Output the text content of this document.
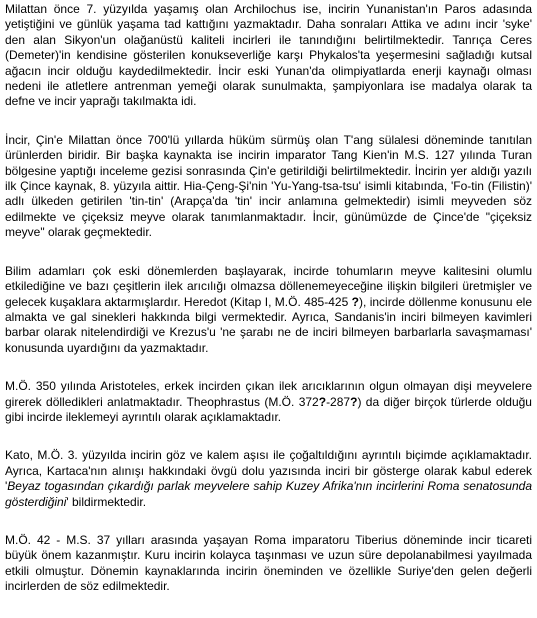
Milattan önce 7. yüzyılda yaşamış olan Archilochus ise, incirin Yunanistan'ın Paros adasında yetiştiğini ve günlük yaşama tad kattığını yazmaktadır. Daha sonraları Attika ve adını incir 'syke' den alan Sikyon'un olağanüstü kaliteli incirleri ile tanındığını belirtilmektedir. Tanrıça Ceres (Demeter)'in kendisine gösterilen konukseverliğe karşı Phykalos'ta yeşermesini sağladığı kutsal ağacın incir olduğu kaydedilmektedir. İncir eski Yunan'da olimpiyatlarda enerji kaynağı olması nedeni ile atletlere antrenman yemeği olarak sunulmakta, şampiyonlara ise madalya olarak ta defne ve incir yaprağı takılmakta idi.

İncir, Çin'e Milattan önce 700'lü yıllarda hüküm sürmüş olan T'ang sülalesi döneminde tanıtılan ürünlerden biridir. Bir başka kaynakta ise incirin imparator Tang Kien'in M.S. 127 yılında Turan bölgesine yaptığı inceleme gezisi sonrasında Çin'e getirildiği belirtilmektedir. İncirin yer aldığı yazılı ilk Çince kaynak, 8. yüzyıla aittir. Hia-Çeng-Şi'nin 'Yu-Yang-tsa-tsu' isimli kitabında, 'Fo-tin (Filistin)' adlı ülkeden getirilen 'tin-tin' (Arapça'da 'tin' incir anlamına gelmektedir) isimli meyveden söz edilmekte ve çiçeksiz meyve olarak tanımlanmaktadır. İncir, günümüzde de Çince'de "çiçeksiz meyve" olarak geçmektedir.

Bilim adamları çok eski dönemlerden başlayarak, incirde tohumların meyve kalitesini olumlu etkilediğine ve bazı çeşitlerin ilek arıcılığı olmazsa döllenemeyeceğine ilişkin bilgileri üretmişler ve gelecek kuşaklara aktarmışlardır. Heredot (Kitap I, M.Ö. 485-425 ?), incirde döllenme konusunu ele almakta ve gal sinekleri hakkında bilgi vermektedir. Ayrıca, Sandanis'in inciri bilmeyen kavimleri barbar olarak nitelendirdiği ve Krezus'u 'ne şarabı ne de inciri bilmeyen barbarlarla savaşmaması' konusunda uyardığını da yazmaktadır.

M.Ö. 350 yılında Aristoteles, erkek incirden çıkan ilek arıcıklarının olgun olmayan dişi meyvelere girerek dölledikleri anlatmaktadır. Theophrastus (M.Ö. 372?-287?) da diğer birçok türlerde olduğu gibi incirde ileklemeyi ayrıntılı olarak açıklamaktadır.

Kato, M.Ö. 3. yüzyılda incirin göz ve kalem aşısı ile çoğaltıldığını ayrıntılı biçimde açıklamaktadır. Ayrıca, Kartaca'nın alınışı hakkındaki övgü dolu yazısında inciri bir gösterge olarak kabul ederek 'Beyaz togasından çıkardığı parlak meyvelere sahip Kuzey Afrika'nın incirlerini Roma senatosunda gösterdiğini' bildirmektedir.

M.Ö. 42 - M.S. 37 yılları arasında yaşayan Roma imparatoru Tiberius döneminde incir ticareti büyük önem kazanmıştır. Kuru incirin kolayca taşınması ve uzun süre depolanabilmesi yayılmada etkili olmuştur. Dönemin kaynaklarında incirin öneminden ve özellikle Suriye'den gelen değerli incirlerden de söz edilmektedir.
